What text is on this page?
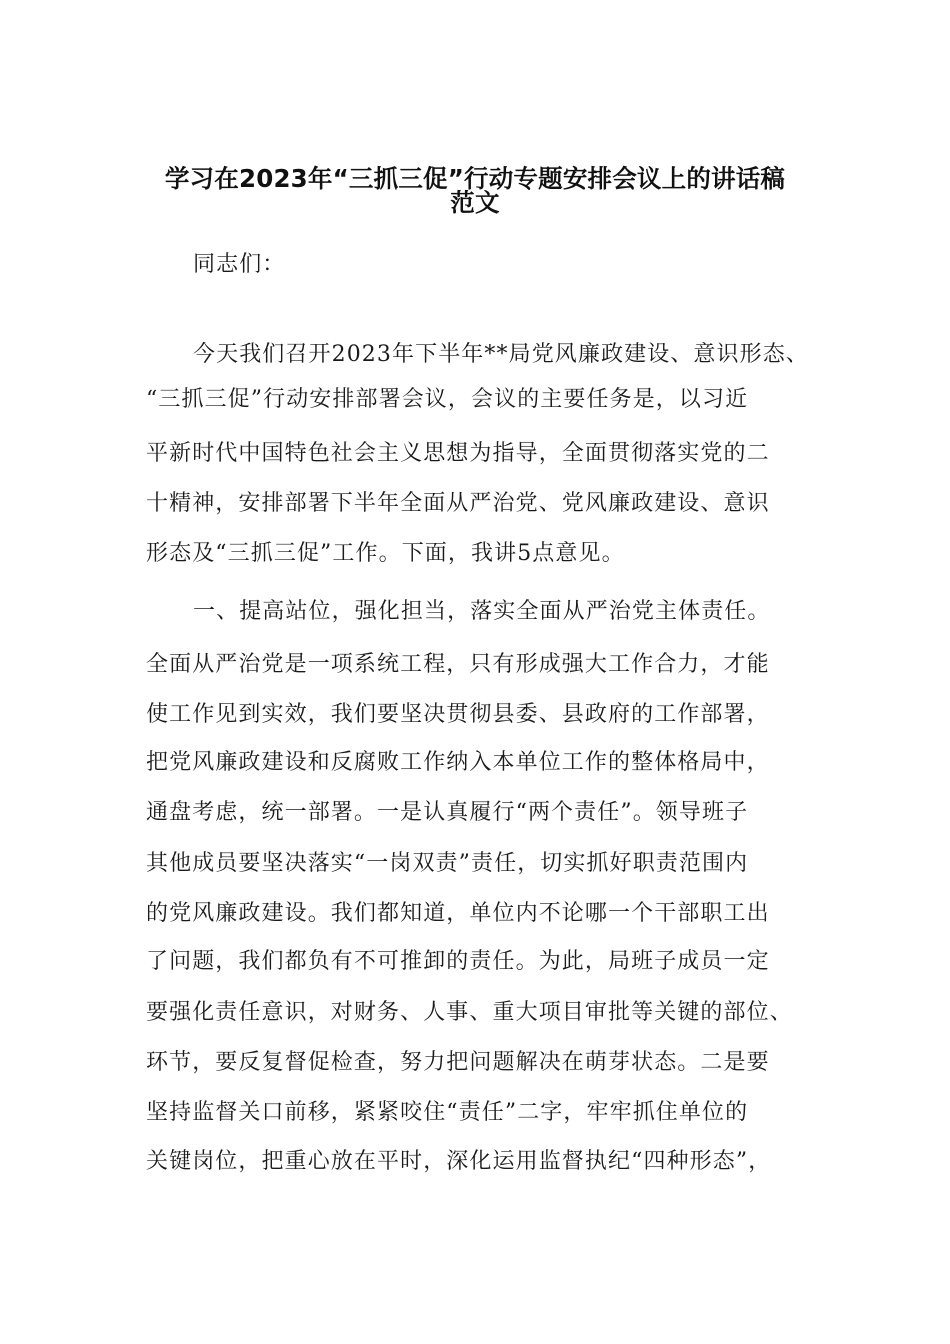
学习在2023年“三抓三促”行动专题安排会议上的讲话稿
范文
同志们：
今天我们召开2023年下半年**局党风廉政建设、意识形态、
“三抓三促”行动安排部署会议，会议的主要任务是，以习近
平新时代中国特色社会主义思想为指导，全面贯彻落实党的二
十精神，安排部署下半年全面从严治党、党风廉政建设、意识
形态及“三抓三促”工作。下面，我讲5点意见。
一、提高站位，强化担当，落实全面从严治党主体责任。
全面从严治党是一项系统工程，只有形成强大工作合力，才能
使工作见到实效，我们要坚决贯彻县委、县政府的工作部署，
把党风廉政建设和反腐败工作纳入本单位工作的整体格局中，
通盘考虑，统一部署。一是认真履行“两个责任”。领导班子
其他成员要坚决落实“一岗双责”责任，切实抓好职责范围内
的党风廉政建设。我们都知道，单位内不论哪一个干部职工出
了问题，我们都负有不可推卸的责任。为此，局班子成员一定
要强化责任意识，对财务、人事、重大项目审批等关键的部位、
环节，要反复督促检查，努力把问题解决在萌芽状态。二是要
坚持监督关口前移，紧紧咬住“责任”二字，牢牢抓住单位的
关键岗位，把重心放在平时，深化运用监督执纪“四种形态”，
